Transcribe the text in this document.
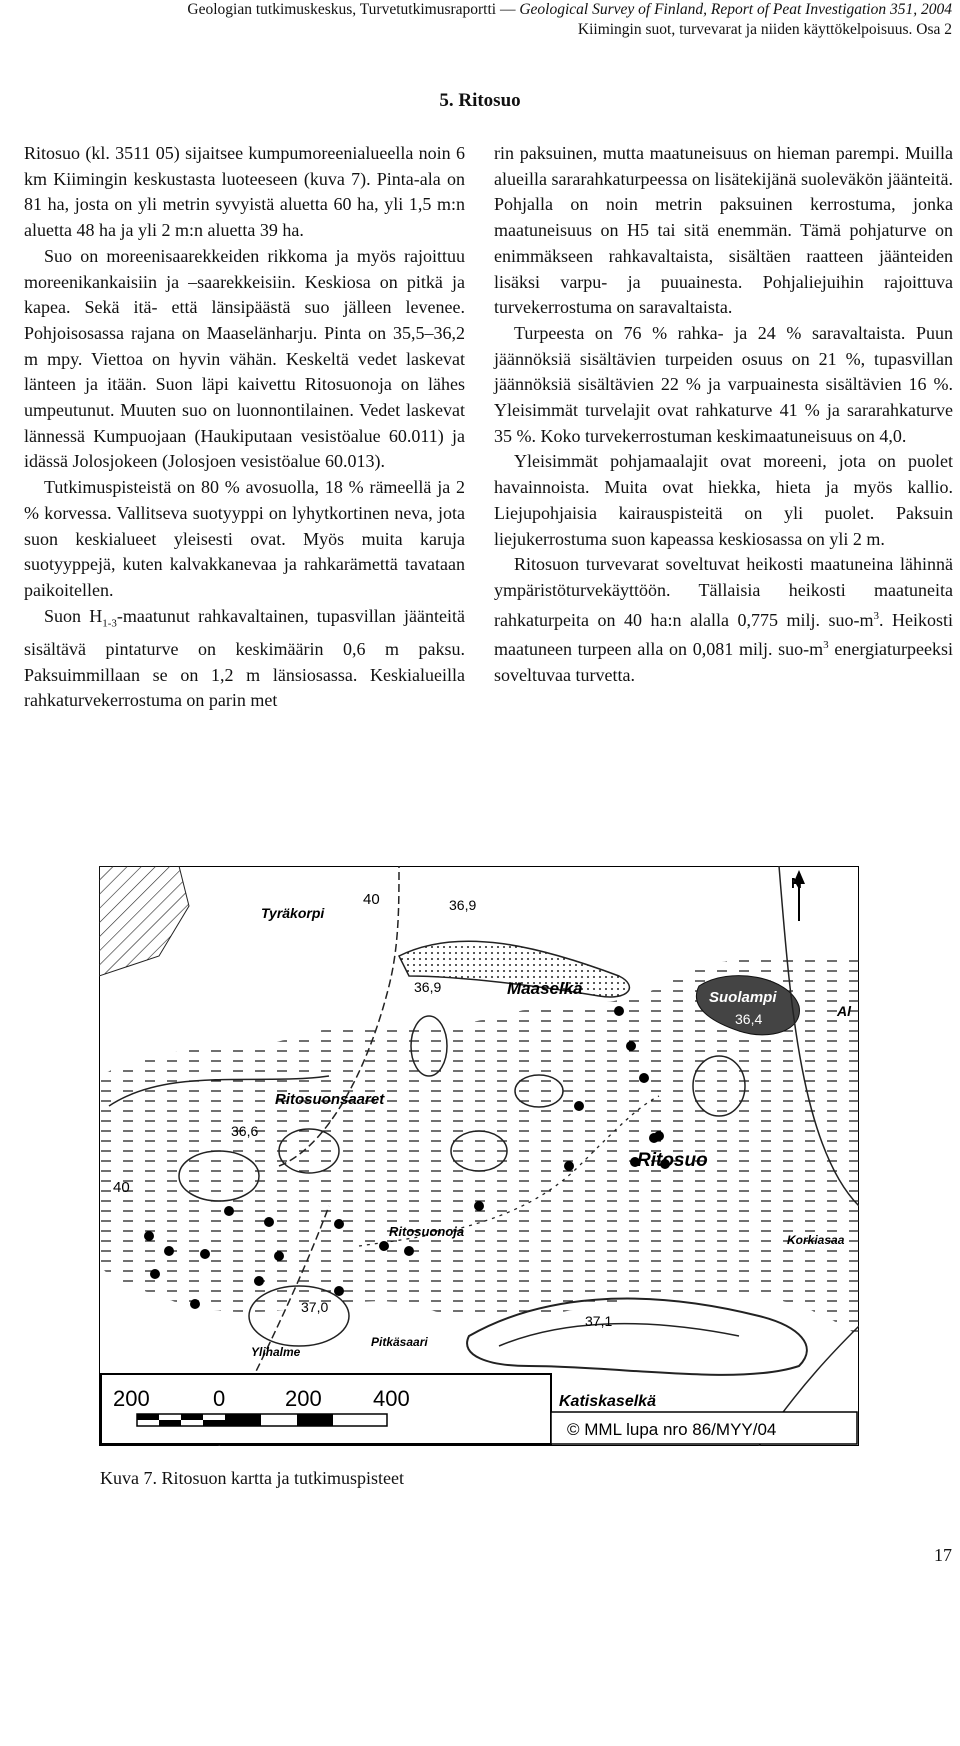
Geologian tutkimuskeskus, Turvetutkimusraportti — Geological Survey of Finland, Report of Peat Investigation 351, 2004
Kiimingin suot, turvevarat ja niiden käyttökelpoisuus. Osa 2
5. Ritosuo

Ritosuo (kl. 3511 05) sijaitsee kumpumoreenialueella noin 6 km Kiimingin keskustasta luoteeseen (kuva 7). Pinta-ala on 81 ha, josta on yli metrin syvyistä aluetta 60 ha, yli 1,5 m:n aluetta 48 ha ja yli 2 m:n aluetta 39 ha.

Suo on moreenisaarekkeiden rikkoma ja myös rajoittuu moreenikankaisiin ja –saarekkeisiin. Keskiosa on pitkä ja kapea. Sekä itä- että länsipäästä suo jälleen levenee. Pohjoisosassa rajana on Maaselänharju. Pinta on 35,5–36,2 m mpy. Viettoa on hyvin vähän. Keskeltä vedet laskevat länteen ja itään. Suon läpi kaivettu Ritosuonoja on lähes umpeutunut. Muuten suo on luonnontilainen. Vedet laskevat lännessä Kumpuojaan (Haukiputaan vesistöalue 60.011) ja idässä Jolosjokeen (Jolosjoen vesistöalue 60.013).

Tutkimuspisteistä on 80 % avosuolla, 18 % rämeellä ja 2 % korvessa. Vallitseva suotyyppi on lyhytkortinen neva, jota suon keskialueet yleisesti ovat. Myös muita karuja suotyyppejä, kuten kalvakkanevaa ja rahkarämettä tavataan paikoitellen.

Suon $H_{1-3}$-maatunut rahkavaltainen, tupasvillan jäänteitä sisältävä pintaturve on keskimäärin 0,6 m paksu. Paksuimmillaan se on 1,2 m länsiosassa. Keskialueilla rahkaturvekerrostuma on parin met

rin paksuinen, mutta maatuneisuus on hieman parempi. Muilla alueilla sararahkaturpeessa on lisätekijänä suoleväkön jäänteitä. Pohjalla on noin metrin paksuinen kerrostuma, jonka maatuneisuus on H5 tai sitä enemmän. Tämä pohjaturve on enimmäkseen rahkavaltaista, sisältäen raatteen jäänteiden lisäksi varpu- ja puuainesta. Pohjaliejuihin rajoittuva turvekerrostuma on saravaltaista.

Turpeesta on 76 % rahka- ja 24 % saravaltaista. Puun jäännöksiä sisältävien turpeiden osuus on 21 %, tupasvillan jäännöksiä sisältävien 22 % ja varpuainesta sisältävien 16 %. Yleisimmät turvelajit ovat rahkaturve 41 % ja sararahkaturve 35 %. Koko turvekerrostuman keskimaatuneisuus on 4,0.

Yleisimmät pohjamaalajit ovat moreeni, jota on puolet havainnoista. Muita ovat hiekka, hieta ja myös kallio. Liejupohjaisia kairauspisteitä on yli puolet. Paksuin liejukerrostuma suon kapeassa keskiosassa on yli 2 m.

Ritosuon turvevarat soveltuvat heikosti maatuneina lähinnä ympäristöturvekäyttöön. Tällaisia heikosti maatuneita rahkaturpeita on 40 ha:n alalla 0,775 milj. suo-$m^3$. Heikosti maatuneen turpeen alla on 0,081 milj. suo-$m^3$ energiaturpeeksi soveltuvaa turvetta.

Tyräkorpi
Maaselkä	Suolampi
Ritosuonsaaret
Ritosuo
Ritosuonoja
Korkiasaa
Pitkäsaari
Ylihalme
Katiskaselkä
Al
40	36,9
36,9
36,4
36,6
40
37,0
37,1
N
200	0	200 400
© MML lupa nro 86/MYY/04
Kuva 7. Ritosuon kartta ja tutkimuspisteet
17
